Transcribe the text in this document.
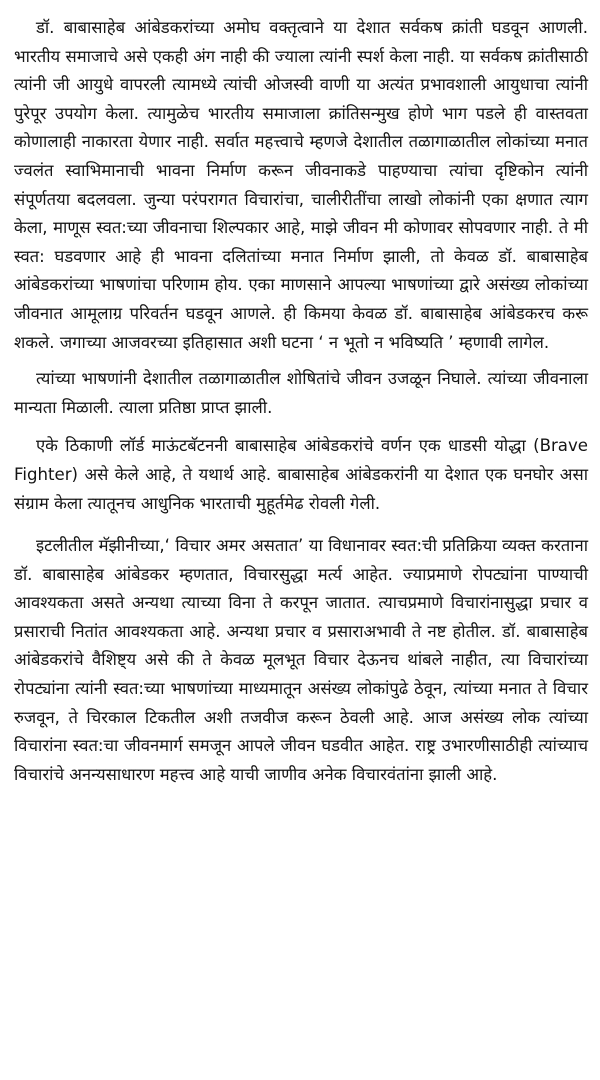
डॉ. बाबासाहेब आंबेडकरांच्या अमोघ वक्तृत्वाने या देशात सर्वकष क्रांती घडवून आणली. भारतीय समाजाचे असे एकही अंग नाही की ज्याला त्यांनी स्पर्श केला नाही. या सर्वकष क्रांतीसाठी त्यांनी जी आयुधे वापरली त्यामध्ये त्यांची ओजस्वी वाणी या अत्यंत प्रभावशाली आयुधाचा त्यांनी पुरेपूर उपयोग केला. त्यामुळेच भारतीय समाजाला क्रांतिसन्मुख होणे भाग पडले ही वास्तवता कोणालाही नाकारता येणार नाही. सर्वात महत्त्वाचे म्हणजे देशातील तळागाळातील लोकांच्या मनात ज्वलंत स्वाभिमानाची भावना निर्माण करून जीवनाकडे पाहण्याचा त्यांचा दृष्टिकोन त्यांनी संपूर्णतया बदलवला. जुन्या परंपरागत विचारांचा, चालीरीतींचा लाखो लोकांनी एका क्षणात त्याग केला, माणूस स्वत:च्या जीवनाचा शिल्पकार आहे, माझे जीवन मी कोणावर सोपवणार नाही. ते मी स्वत: घडवणार आहे ही भावना दलितांच्या मनात निर्माण झाली, तो केवळ डॉ. बाबासाहेब आंबेडकरांच्या भाषणांचा परिणाम होय. एका माणसाने आपल्या भाषणांच्या द्वारे असंख्य लोकांच्या जीवनात आमूलाग्र परिवर्तन घडवून आणले. ही किमया केवळ डॉ. बाबासाहेब आंबेडकरच करू शकले. जगाच्या आजवरच्या इतिहासात अशी घटना ‘ न भूतो न भविष्यति ’ म्हणावी लागेल.

त्यांच्या भाषणांनी देशातील तळागाळातील शोषितांचे जीवन उजळून निघाले. त्यांच्या जीवनाला मान्यता मिळाली. त्याला प्रतिष्ठा प्राप्त झाली.

एके ठिकाणी लॉर्ड माऊंटबॅटननी बाबासाहेब आंबेडकरांचे वर्णन एक धाडसी योद्धा (Brave Fighter) असे केले आहे, ते यथार्थ आहे. बाबासाहेब आंबेडकरांनी या देशात एक घनघोर असा संग्राम केला त्यातूनच आधुनिक भारताची मुहूर्तमेढ रोवली गेली.

इटलीतील मॅझीनीच्या,‘ विचार अमर असतात’ या विधानावर स्वत:ची प्रतिक्रिया व्यक्त करताना डॉ. बाबासाहेब आंबेडकर म्हणतात, विचारसुद्धा मर्त्य आहेत. ज्याप्रमाणे रोपट्यांना पाण्याची आवश्यकता असते अन्यथा त्याच्या विना ते करपून जातात. त्याचप्रमाणे विचारांनासुद्धा प्रचार व प्रसाराची नितांत आवश्यकता आहे. अन्यथा प्रचार व प्रसाराअभावी ते नष्ट होतील. डॉ. बाबासाहेब आंबेडकरांचे वैशिष्ट्य असे की ते केवळ मूलभूत विचार देऊनच थांबले नाहीत, त्या विचारांच्या रोपट्यांना त्यांनी स्वत:च्या भाषणांच्या माध्यमातून असंख्य लोकांपुढे ठेवून, त्यांच्या मनात ते विचार रुजवून, ते चिरकाल टिकतील अशी तजवीज करून ठेवली आहे. आज असंख्य लोक त्यांच्या विचारांना स्वत:चा जीवनमार्ग समजून आपले जीवन घडवीत आहेत. राष्ट्र उभारणीसाठीही त्यांच्याच विचारांचे अनन्यसाधारण महत्त्व आहे याची जाणीव अनेक विचारवंतांना झाली आहे.
